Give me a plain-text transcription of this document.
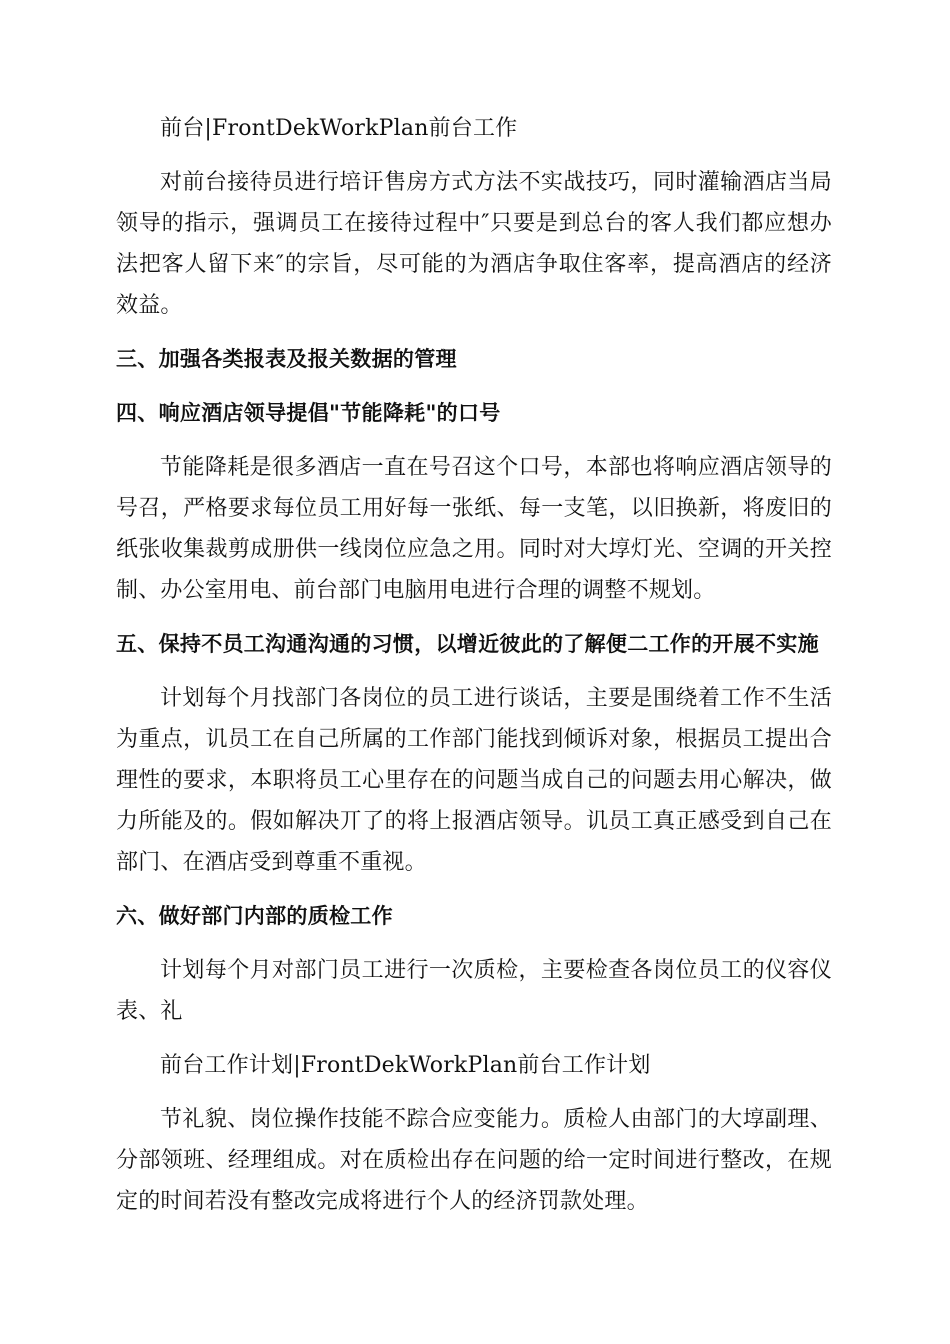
前台|FrontDekWorkPlan前台工作

对前台接待员进行培讦售房方式方法不实战技巧，同时灌输酒店当局领导的指示，强调员工在接待过程中″只要是到总台的客人我们都应想办法把客人留下来″的宗旨，尽可能的为酒店争取住客率，提高酒店的经济效益。

三、加强各类报表及报关数据的管理

四、响应酒店领导提倡"节能降耗"的口号

节能降耗是很多酒店一直在号召这个口号，本部也将响应酒店领导的号召，严格要求每位员工用好每一张纸、每一支笔，以旧换新，将废旧的纸张收集裁剪成册供一线岗位应急之用。同时对大埻灯光、空调的开关控制、办公室用电、前台部门电脑用电进行合理的调整不规划。

五、保持不员工沟通沟通的习惯，以增近彼此的了解便二工作的开展不实施

计划每个月找部门各岗位的员工进行谈话，主要是围绕着工作不生活为重点，讥员工在自己所属的工作部门能找到倾诉对象，根据员工提出合理性的要求，本职将员工心里存在的问题当成自己的问题去用心解决，做力所能及的。假如解决丌了的将上报酒店领导。讥员工真正感受到自己在部门、在酒店受到尊重不重视。

六、做好部门内部的质检工作

计划每个月对部门员工进行一次质检，主要检查各岗位员工的仪容仪表、礼

前台工作计划|FrontDekWorkPlan前台工作计划

节礼貌、岗位操作技能不踪合应变能力。质检人由部门的大埻副理、分部领班、经理组成。对在质检出存在问题的给一定时间进行整改，在规定的时间若没有整改完成将进行个人的经济罚款处理。
